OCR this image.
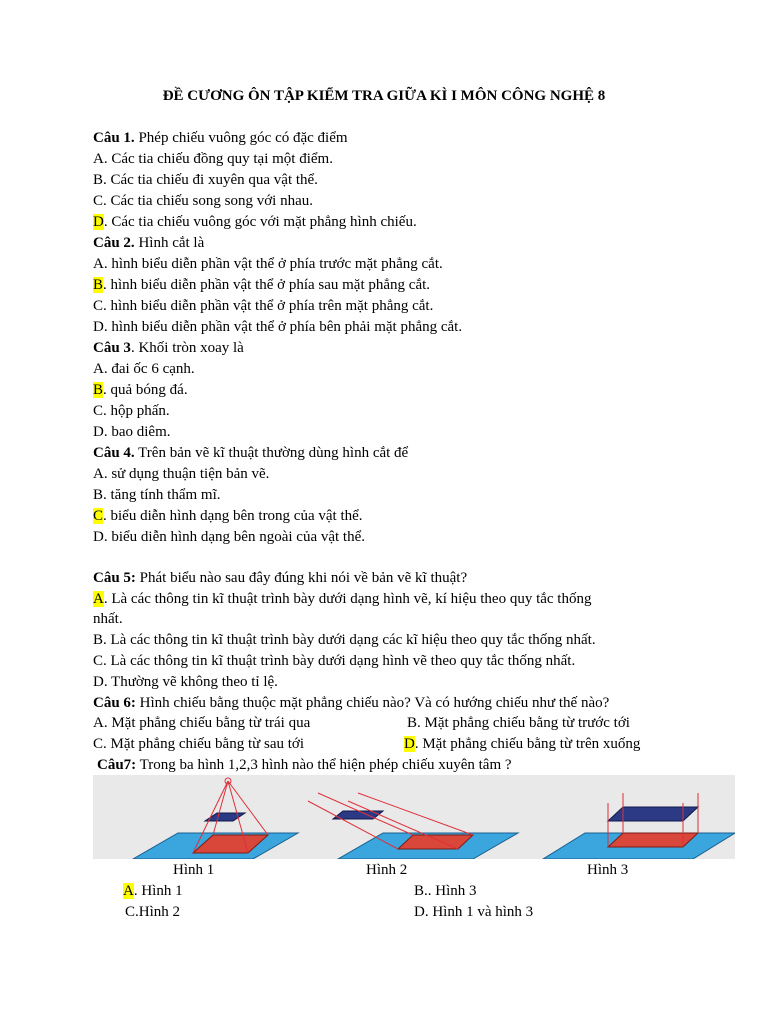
ĐỀ CƯƠNG ÔN TẬP KIỂM TRA GIỮA KÌ I MÔN CÔNG NGHỆ 8
Câu 1. Phép chiếu vuông góc có đặc điểm
A. Các tia chiếu đồng quy tại một điểm.
B. Các tia chiếu đi xuyên qua vật thể.
C. Các tia chiếu song song với nhau.
D. Các tia chiếu vuông góc với mặt phẳng hình chiếu.
Câu 2. Hình cắt là
A. hình biểu diễn phần vật thể ở phía trước mặt phẳng cắt.
B. hình biểu diễn phần vật thể ở phía sau mặt phẳng cắt.
C. hình biểu diễn phần vật thể ở phía trên mặt phẳng cắt.
D. hình biểu diễn phần vật thể ở phía bên phải mặt phẳng cắt.
Câu 3. Khối tròn xoay là
A. đai ốc 6 cạnh.
B. quả bóng đá.
C. hộp phấn.
D. bao diêm.
Câu 4. Trên bản vẽ kĩ thuật thường dùng hình cắt để
A. sử dụng thuận tiện bản vẽ.
B. tăng tính thẩm mĩ.
C. biểu diễn hình dạng bên trong của vật thể.
D. biểu diễn hình dạng bên ngoài của vật thể.
Câu 5: Phát biểu nào sau đây đúng khi nói về bản vẽ kĩ thuật?
A. Là các thông tin kĩ thuật trình bày dưới dạng hình vẽ, kí hiệu theo quy tắc thống
nhất.
B. Là các thông tin kĩ thuật trình bày dưới dạng các kĩ hiệu theo quy tắc thống nhất.
C. Là các thông tin kĩ thuật trình bày dưới dạng hình vẽ theo quy tắc thống nhất.
D. Thường vẽ không theo tỉ lệ.
Câu 6: Hình chiếu bằng thuộc mặt phẳng chiếu nào? Và có hướng chiếu như thế nào?
A. Mặt phẳng chiếu bằng từ trái qua	B. Mặt phẳng chiếu bằng từ trước tới
C. Mặt phẳng chiếu bằng từ sau tới	D. Mặt phẳng chiếu bằng từ trên xuống
Câu7: Trong ba hình 1,2,3 hình nào thể hiện phép chiếu xuyên tâm ?
Hình 1	Hình 2	Hình 3
A. Hình 1	B.. Hình 3
C.Hình 2	D. Hình 1 và hình 3
